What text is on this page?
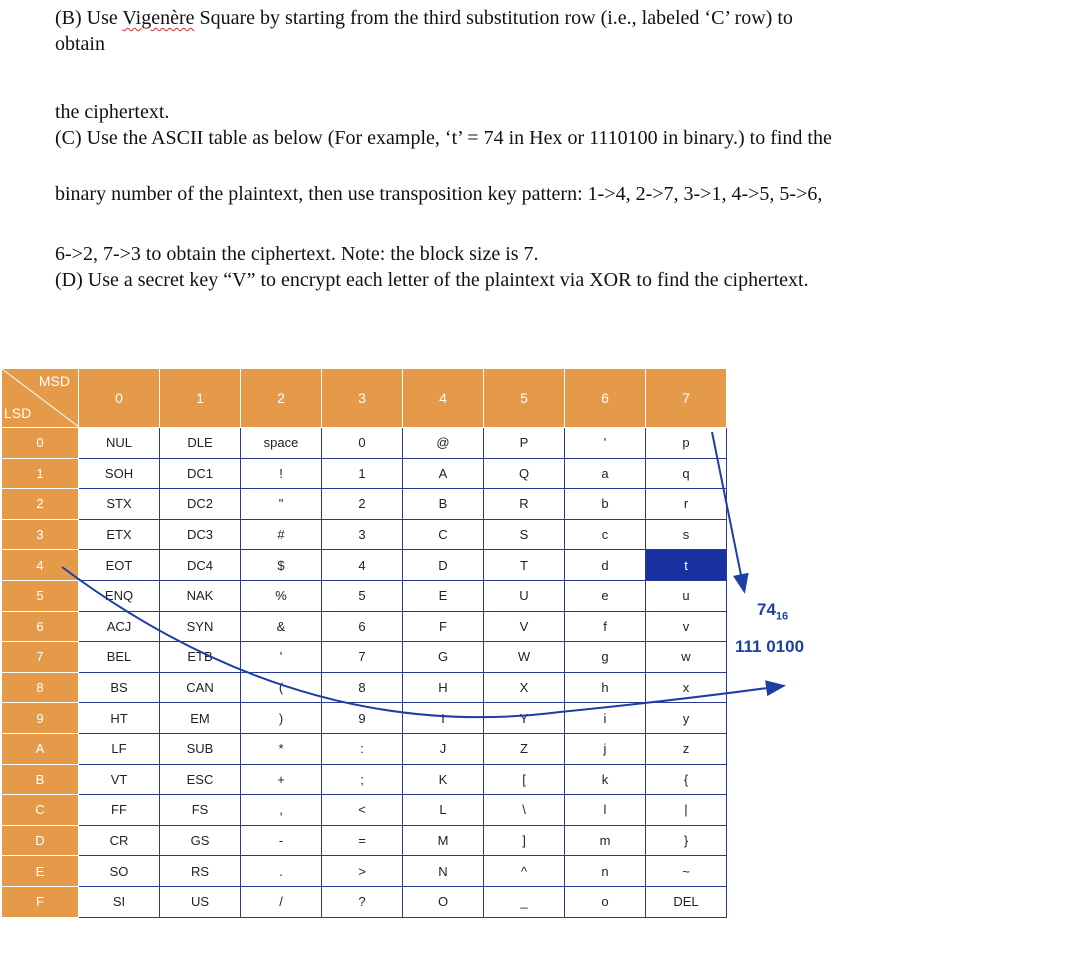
(B) Use Vigenère Square by starting from the third substitution row (i.e., labeled ‘C’ row) to
obtain
the ciphertext.
(C) Use the ASCII table as below (For example, ‘t’ = 74 in Hex or 1110100 in binary.) to find the
binary number of the plaintext, then use transposition key pattern: 1->4, 2->7, 3->1, 4->5, 5->6,
6->2, 7->3 to obtain the ciphertext. Note: the block size is 7.
(D) Use a secret key “V” to encrypt each letter of the plaintext via XOR to find the ciphertext.
MSD
LSD	0	1	2	3	4	5	6	7
0	NUL	DLE	space	0	@	P	'	p
1	SOH	DC1	!	1	A	Q	a	q
2	STX	DC2	"	2	B	R	b	r
3	ETX	DC3	#	3	C	S	c	s
4	EOT	DC4	$	4	D	T	d	t
5	ENQ	NAK	%	5	E	U	e	u
6	ACJ	SYN	&	6	F	V	f	v
7	BEL	ETB	'	7	G	W	g	w
8	BS	CAN	(	8	H	X	h	x
9	HT	EM	)	9	I	Y	i	y
A	LF	SUB	*	:	J	Z	j	z
B	VT	ESC	+	;	K	[	k	{
C	FF	FS	,	<	L	\	l	|
D	CR	GS	-	=	M	]	m	}
E	SO	RS	.	>	N	^	n	~
F	SI	US	/	?	O	_	o	DEL
$74_{16}$
111 0100
